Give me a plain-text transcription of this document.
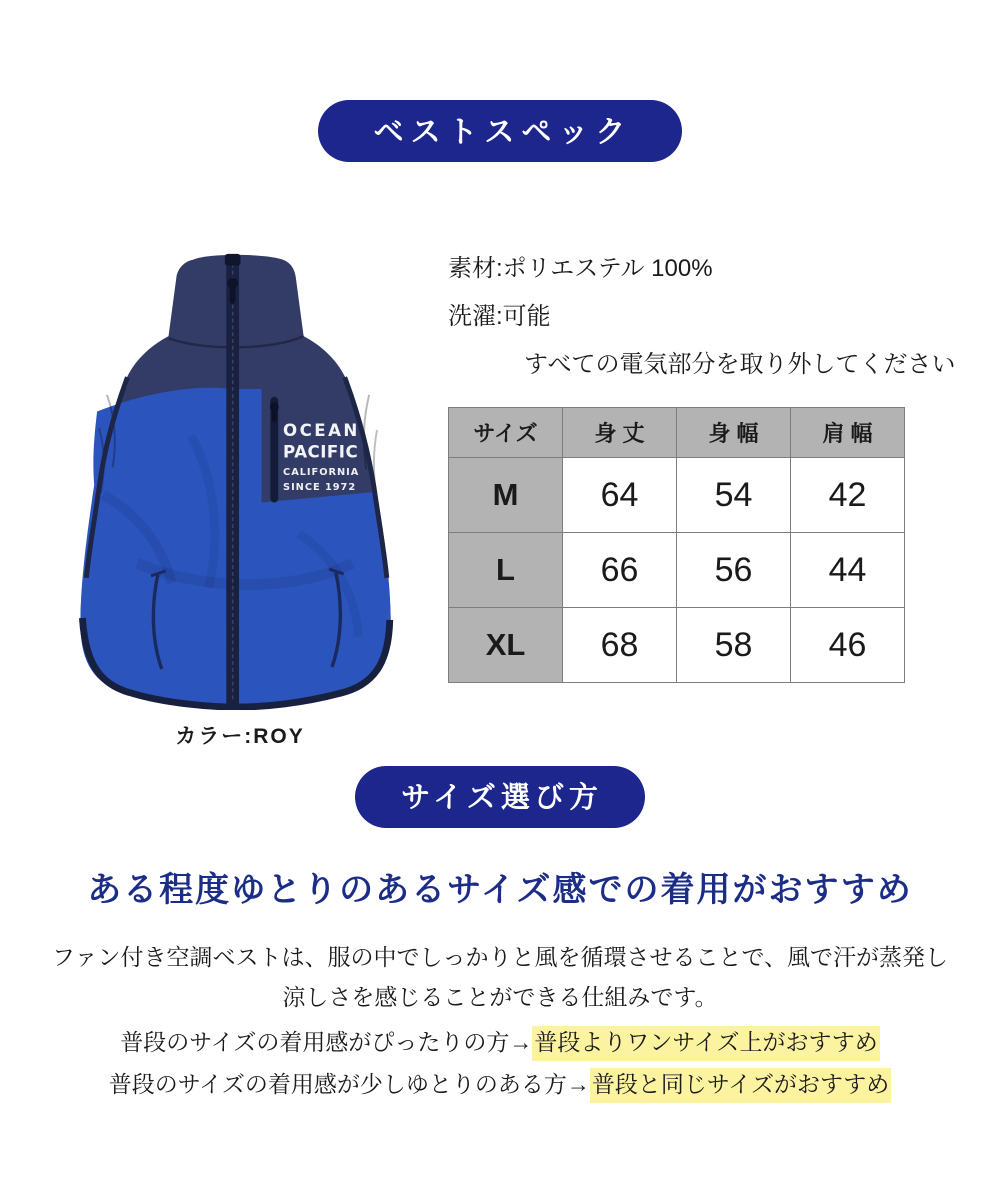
ベストスペック
OCEAN
PACIFIC
CALIFORNIA
SINCE 1972
カラー:ROY
素材:ポリエステル 100%
洗濯:可能
すべての電気部分を取り外してください
サイズ	身 丈	身 幅	肩 幅
M	64	54	42
L	66	56	44
XL	68	58	46
サイズ選び方
ある程度ゆとりのあるサイズ感での着用がおすすめ
ファン付き空調ベストは、服の中でしっかりと風を循環させることで、風で汗が蒸発し
涼しさを感じることができる仕組みです。
普段のサイズの着用感がぴったりの方→普段よりワンサイズ上がおすすめ
普段のサイズの着用感が少しゆとりのある方→普段と同じサイズがおすすめ
